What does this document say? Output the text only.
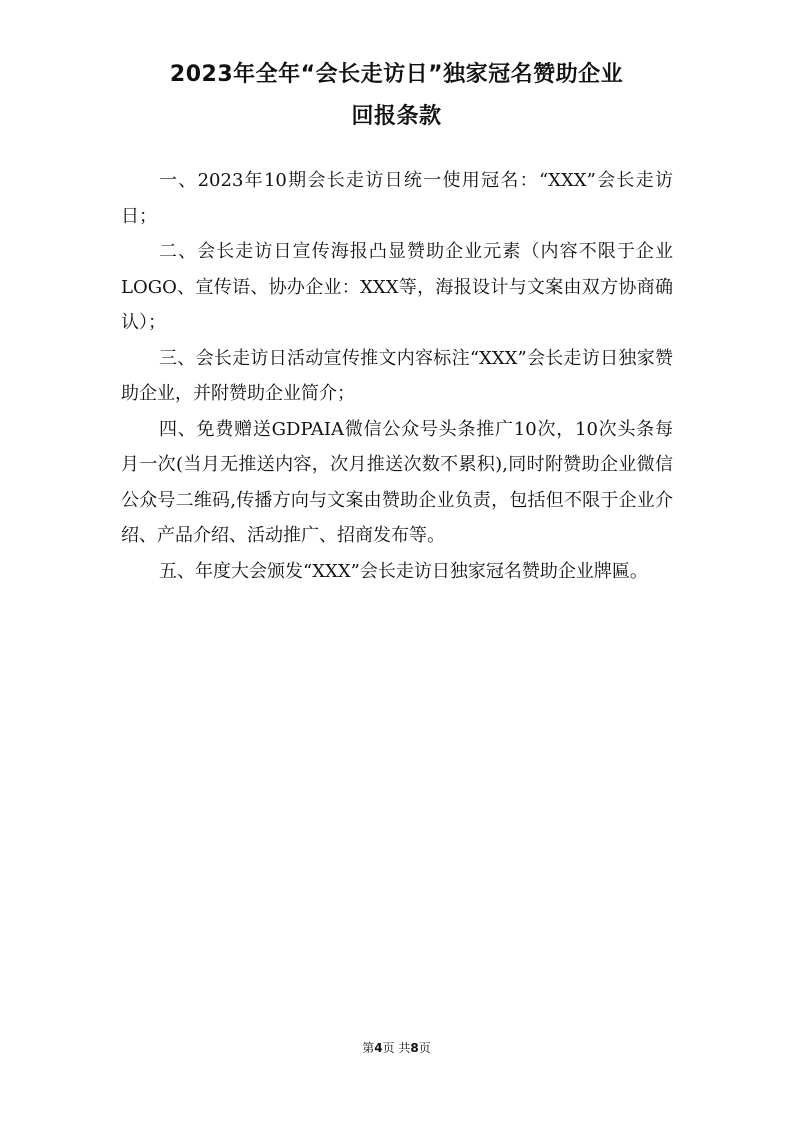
2023年全年“会长走访日”独家冠名赞助企业
回报条款

一、2023年10期会长走访日统一使用冠名：“XXX”会长走访日；

二、会长走访日宣传海报凸显赞助企业元素（内容不限于企业LOGO、宣传语、协办企业：XXX等，海报设计与文案由双方协商确认）；

三、会长走访日活动宣传推文内容标注“XXX”会长走访日独家赞助企业，并附赞助企业简介；

四、免费赠送GDPAIA微信公众号头条推广10次，10次头条每月一次(当月无推送内容，次月推送次数不累积),同时附赞助企业微信公众号二维码,传播方向与文案由赞助企业负责，包括但不限于企业介绍、产品介绍、活动推广、招商发布等。

五、年度大会颁发“XXX”会长走访日独家冠名赞助企业牌匾。

第4页 共8页
